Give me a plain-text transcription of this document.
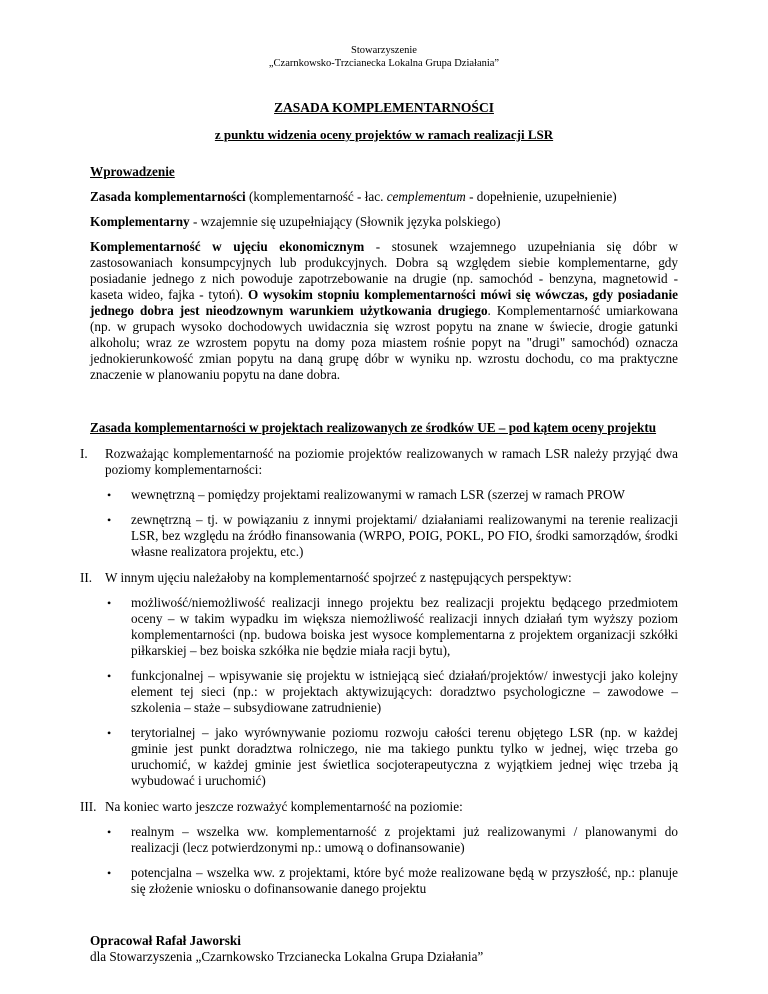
Stowarzyszenie
„Czarnkowsko-Trzcianecka Lokalna Grupa Działania”
ZASADA KOMPLEMENTARNOŚCI
z punktu widzenia oceny projektów w ramach realizacji LSR
Wprowadzenie

Zasada komplementarności (komplementarność - łac. cemplementum - dopełnienie, uzupełnienie)

Komplementarny - wzajemnie się uzupełniający (Słownik języka polskiego)

Komplementarność w ujęciu ekonomicznym - stosunek wzajemnego uzupełniania się dóbr w zastosowaniach konsumpcyjnych lub produkcyjnych. Dobra są względem siebie komplementarne, gdy posiadanie jednego z nich powoduje zapotrzebowanie na drugie (np. samochód - benzyna, magnetowid - kaseta wideo, fajka - tytoń). O wysokim stopniu komplementarności mówi się wówczas, gdy posiadanie jednego dobra jest nieodzownym warunkiem użytkowania drugiego. Komplementarność umiarkowana (np. w grupach wysoko dochodowych uwidacznia się wzrost popytu na znane w świecie, drogie gatunki alkoholu; wraz ze wzrostem popytu na domy poza miastem rośnie popyt na "drugi" samochód) oznacza jednokierunkowość zmian popytu na daną grupę dóbr w wyniku np. wzrostu dochodu, co ma praktyczne znaczenie w planowaniu popytu na dane dobra.

Zasada komplementarności w projektach realizowanych ze środków UE – pod kątem oceny projektu
I.	Rozważając komplementarność na poziomie projektów realizowanych w ramach LSR należy przyjąć dwa poziomy komplementarności:

•	wewnętrzną – pomiędzy projektami realizowanymi w ramach LSR (szerzej w ramach PROW
•	zewnętrzną – tj. w powiązaniu z innymi projektami/ działaniami realizowanymi na terenie realizacji LSR, bez względu na źródło finansowania (WRPO, POIG, POKL, PO FIO, środki samorządów, środki własne realizatora projektu, etc.)
II. W innym ujęciu należałoby na komplementarność spojrzeć z następujących perspektyw:

•	możliwość/niemożliwość realizacji innego projektu bez realizacji projektu będącego przedmiotem oceny – w takim wypadku im większa niemożliwość realizacji innych działań tym wyższy poziom komplementarności (np. budowa boiska jest wysoce komplementarna z projektem organizacji szkółki piłkarskiej – bez boiska szkółka nie będzie miała racji bytu),
•	funkcjonalnej – wpisywanie się projektu w istniejącą sieć działań/projektów/ inwestycji jako kolejny element tej sieci (np.: w projektach aktywizujących: doradztwo psychologiczne – zawodowe – szkolenia – staże – subsydiowane zatrudnienie)
•	terytorialnej – jako wyrównywanie poziomu rozwoju całości terenu objętego LSR (np. w każdej gminie jest punkt doradztwa rolniczego, nie ma takiego punktu tylko w jednej, więc trzeba go uruchomić, w każdej gminie jest świetlica socjoterapeutyczna z wyjątkiem jednej więc trzeba ją wybudować i uruchomić)
III. Na koniec warto jeszcze rozważyć komplementarność na poziomie:

•	realnym – wszelka ww. komplementarność z projektami już realizowanymi / planowanymi do realizacji (lecz potwierdzonymi np.: umową o dofinansowanie)
•	potencjalna – wszelka ww. z projektami, które być może realizowane będą w przyszłość, np.: planuje się złożenie wniosku o dofinansowanie danego projektu
Opracował Rafał Jaworski
dla Stowarzyszenia „Czarnkowsko Trzcianecka Lokalna Grupa Działania”
